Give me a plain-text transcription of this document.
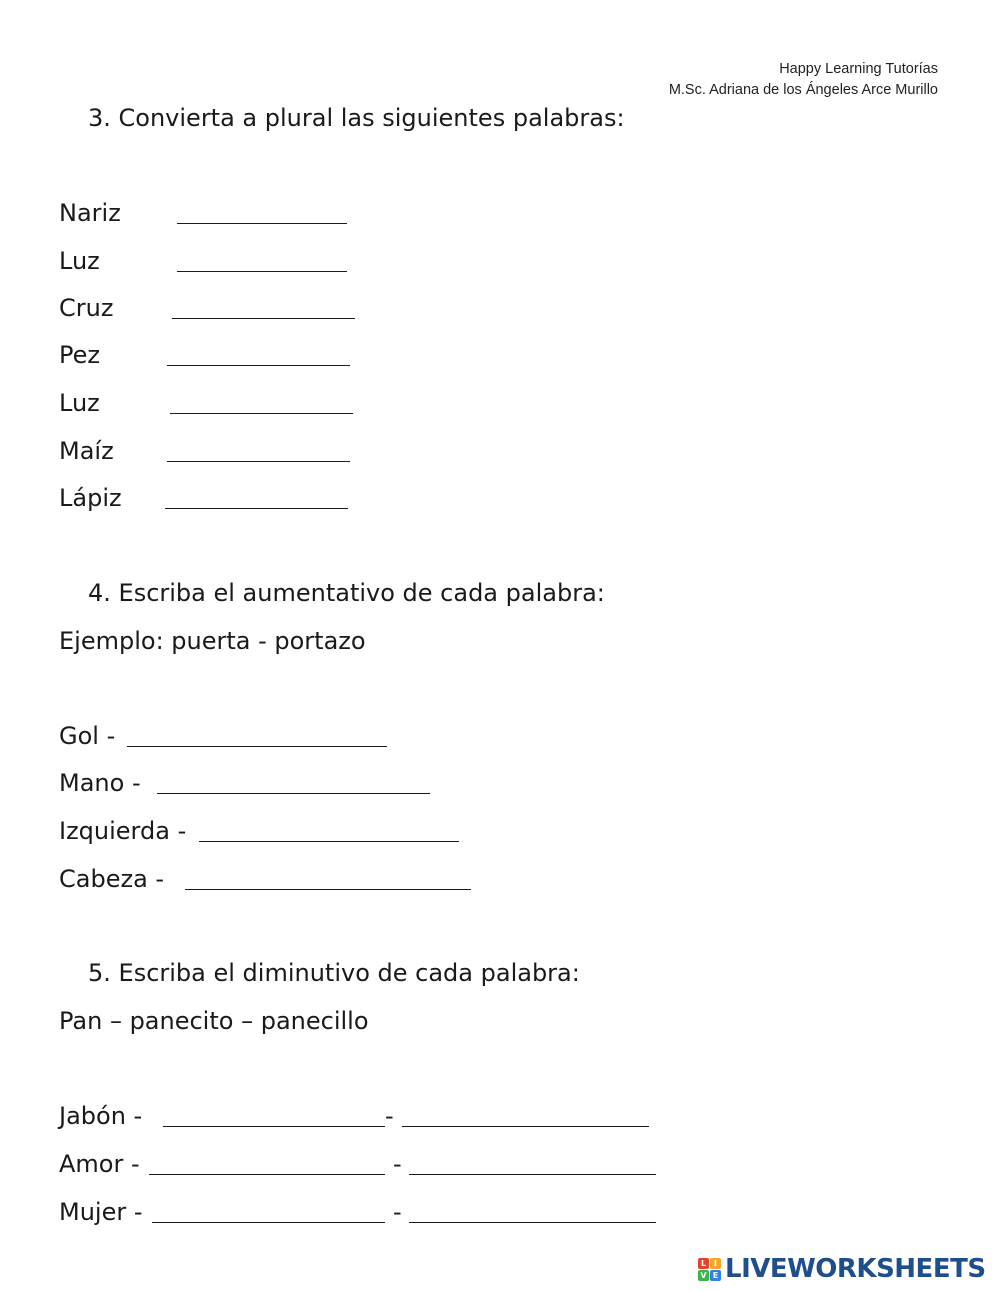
Happy Learning Tutorías
M.Sc. Adriana de los Ángeles Arce Murillo
3. Convierta a plural las siguientes palabras:
Nariz
Luz
Cruz
Pez
Luz
Maíz
Lápiz
4. Escriba el aumentativo de cada palabra:
Ejemplo: puerta - portazo
Gol -
Mano -
Izquierda -
Cabeza -
5. Escriba el diminutivo de cada palabra:
Pan – panecito – panecillo
Jabón -	-
Amor -	-
Mujer -	-
L I
V E LIVEWORKSHEETS
